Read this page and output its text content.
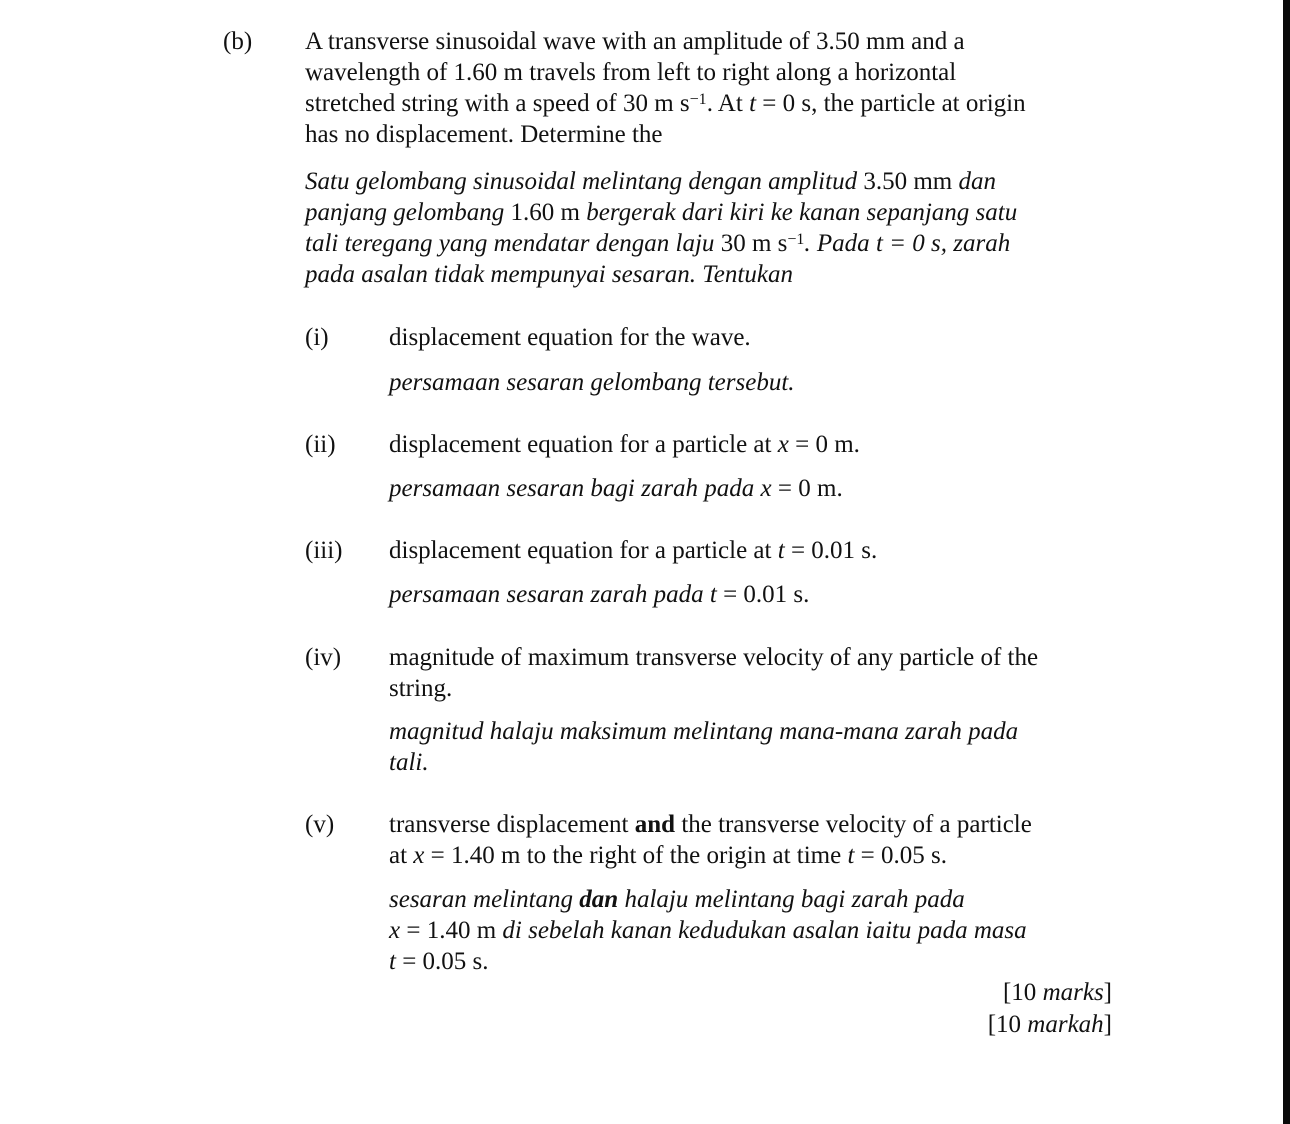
(b) A transverse sinusoidal wave with an amplitude of 3.50 mm and a
wavelength of 1.60 m travels from left to right along a horizontal
stretched string with a speed of 30 m $s^{-1}$. At t = 0 s, the particle at origin
has no displacement. Determine the
Satu gelombang sinusoidal melintang dengan amplitud 3.50 mm dan
panjang gelombang 1.60 m bergerak dari kiri ke kanan sepanjang satu
tali teregang yang mendatar dengan laju 30 m $s^{-1}$. Pada t = 0 s, zarah
pada asalan tidak mempunyai sesaran. Tentukan
(i) displacement equation for the wave.
persamaan sesaran gelombang tersebut.
(ii) displacement equation for a particle at x = 0 m.
persamaan sesaran bagi zarah pada x = 0 m.
(iii) displacement equation for a particle at t = 0.01 s.
persamaan sesaran zarah pada t = 0.01 s.
(iv) magnitude of maximum transverse velocity of any particle of the
string.
magnitud halaju maksimum melintang mana-mana zarah pada
tali.
(v) transverse displacement and the transverse velocity of a particle
at x = 1.40 m to the right of the origin at time t = 0.05 s.
sesaran melintang dan halaju melintang bagi zarah pada
x = 1.40 m di sebelah kanan kedudukan asalan iaitu pada masa
t = 0.05 s.
[10 marks]
[10 markah]
